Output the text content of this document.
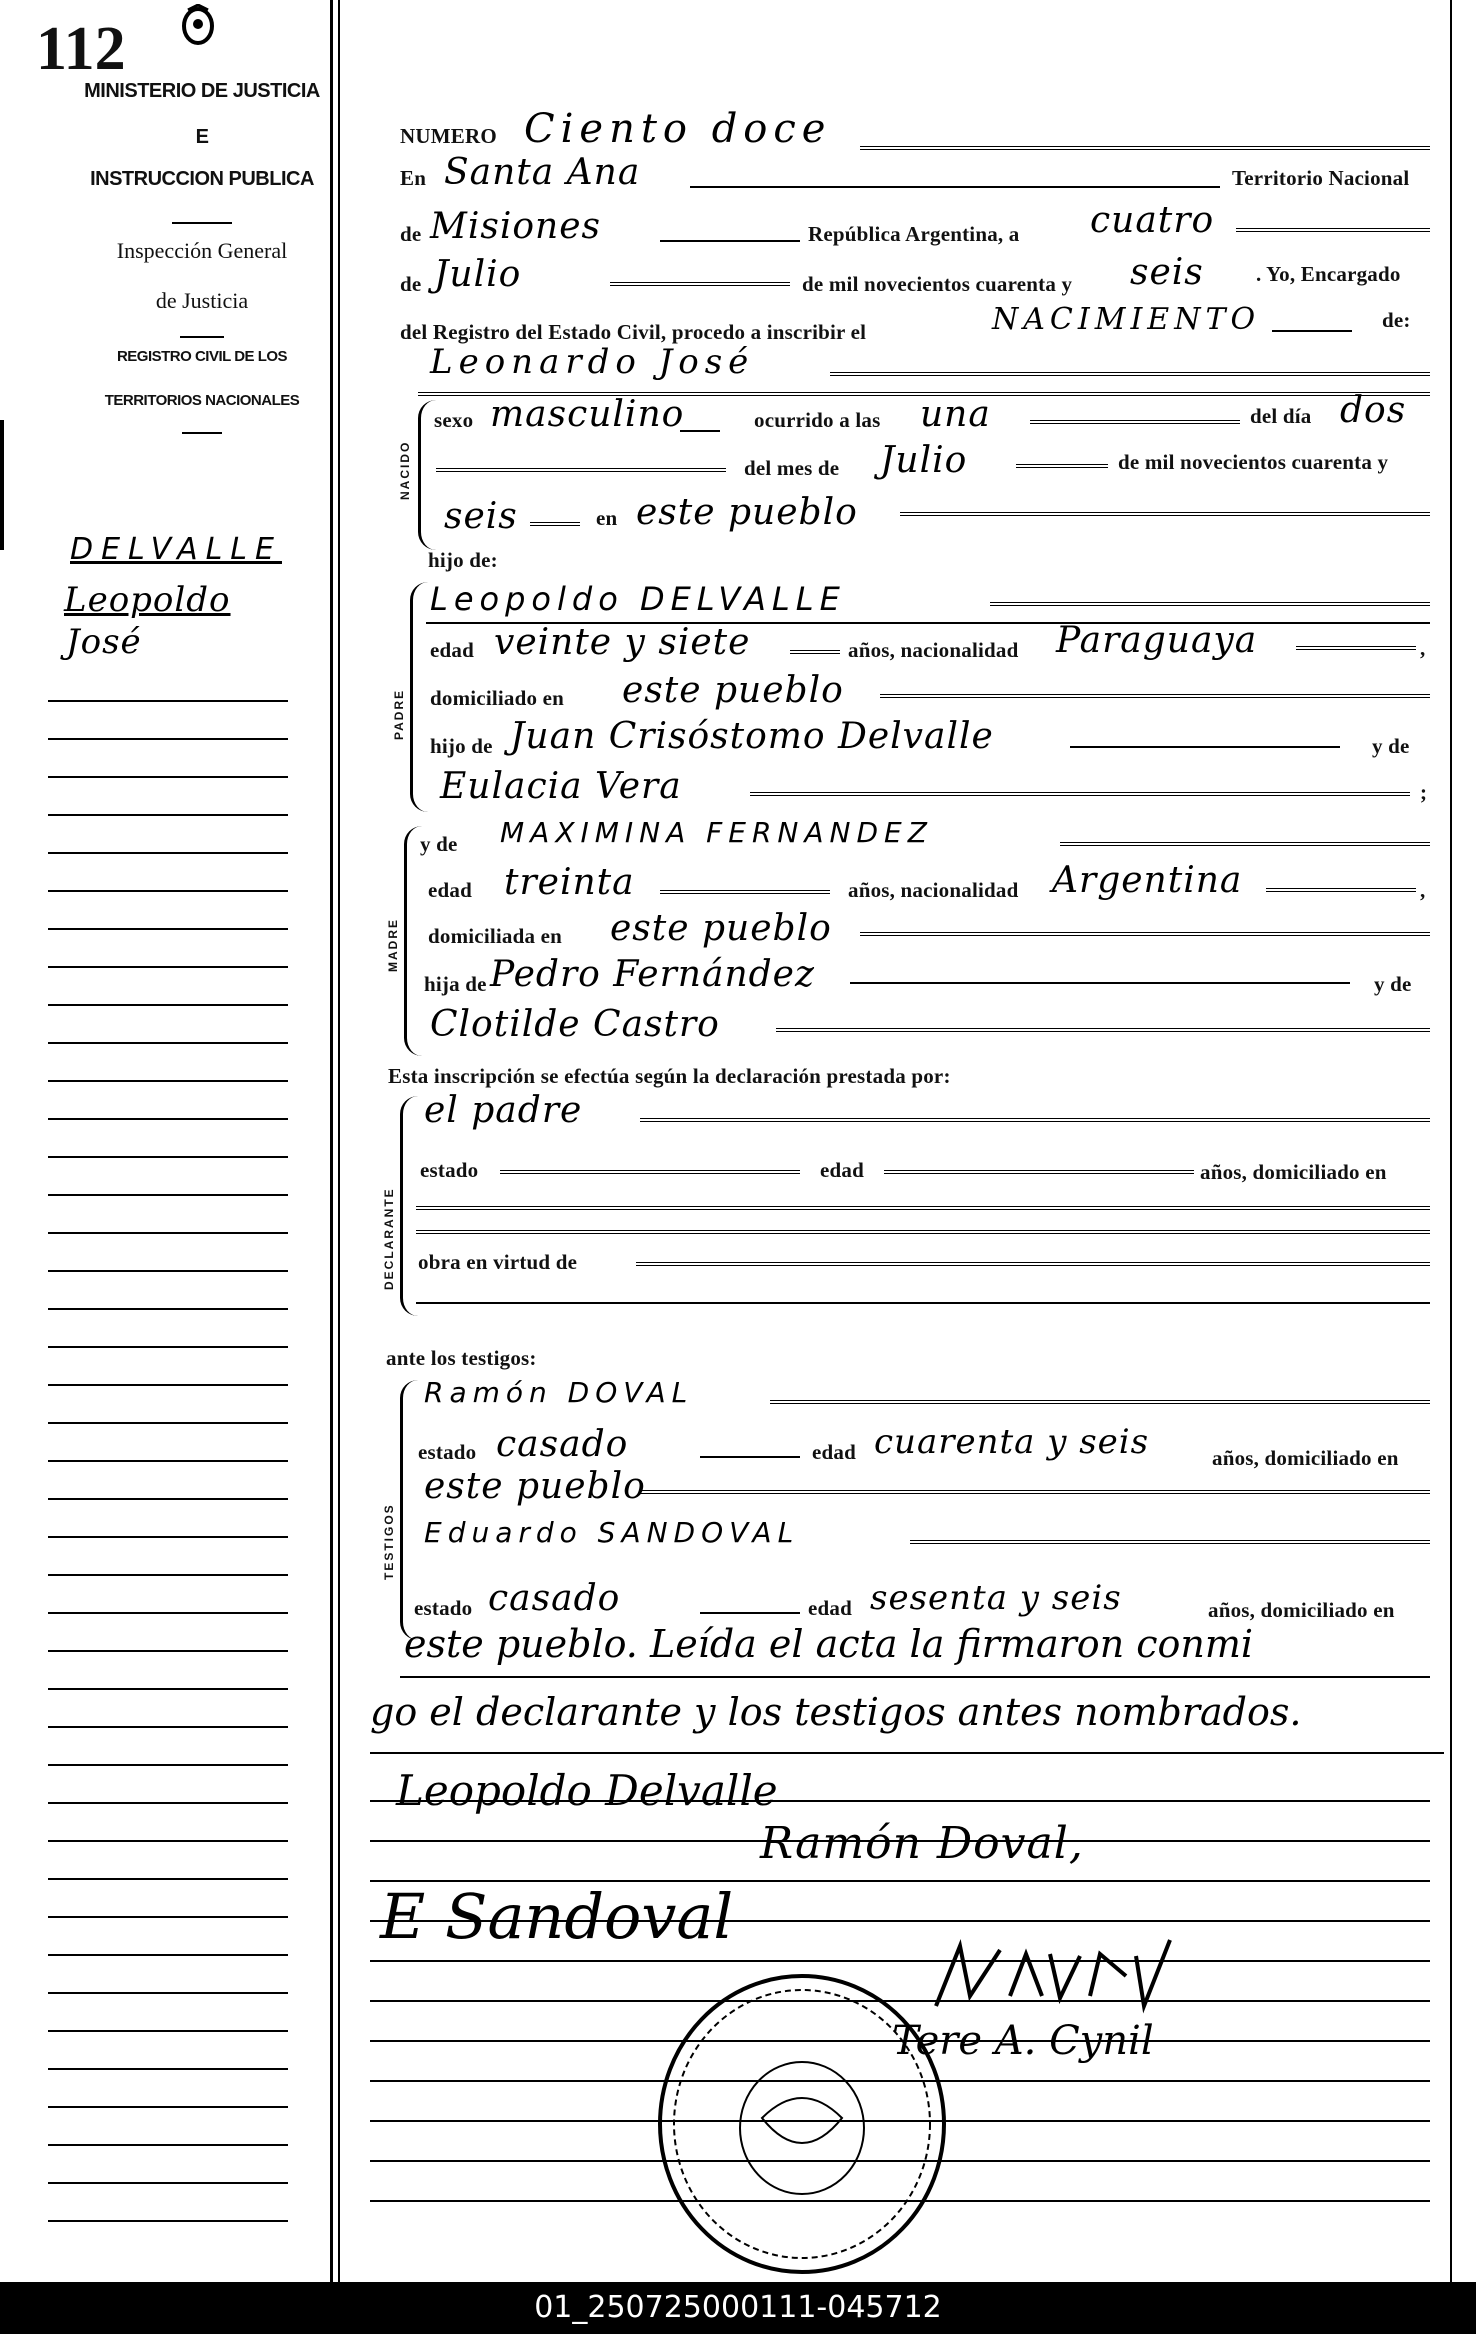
112
MINISTERIO DE JUSTICIA
E
INSTRUCCION PUBLICA
Inspección General
de Justicia
REGISTRO CIVIL DE LOS
TERRITORIOS NACIONALES
DELVALLE
Leopoldo
José
NUMERO Ciento doce
En Santa Ana	Territorio Nacional
de Misiones	República Argentina, a cuatro
de Julio	de mil novecientos cuarenta y seis . Yo, Encargado
del Registro del Estado Civil, procedo a inscribir el	NACIMIENTO	de:
NACIDO
Leonardo José
sexo masculino	ocurrido a las una	del día dos
del mes de Julio	de mil novecientos cuarenta y
seis	en este pueblo
hijo de:
PADRE
Leopoldo DELVALLE
edad veinte y siete	años, nacionalidad Paraguaya	,
domiciliado en este pueblo
hijo de Juan Crisóstomo Delvalle	y de
Eulacia Vera	;
MADRE
y de MAXIMINA FERNANDEZ
edad treinta	años, nacionalidad Argentina	,
domiciliada en este pueblo
hija de Pedro Fernández	y de
Clotilde Castro
Esta inscripción se efectúa según la declaración prestada por:
DECLARANTE
el padre
estado	edad	años, domiciliado en
obra en virtud de
ante los testigos:
TESTIGOS
Ramón DOVAL
estado casado	edad cuarenta y seis	años, domiciliado en
este pueblo
Eduardo SANDOVAL
estado casado	edad sesenta y seis	años, domiciliado en
este pueblo. Leída el acta la firmaron conmi
go el declarante y los testigos antes nombrados.
Leopoldo Delvalle
Ramón Doval,
E Sandoval
Tere A. Cynil
01_250725000111-045712
